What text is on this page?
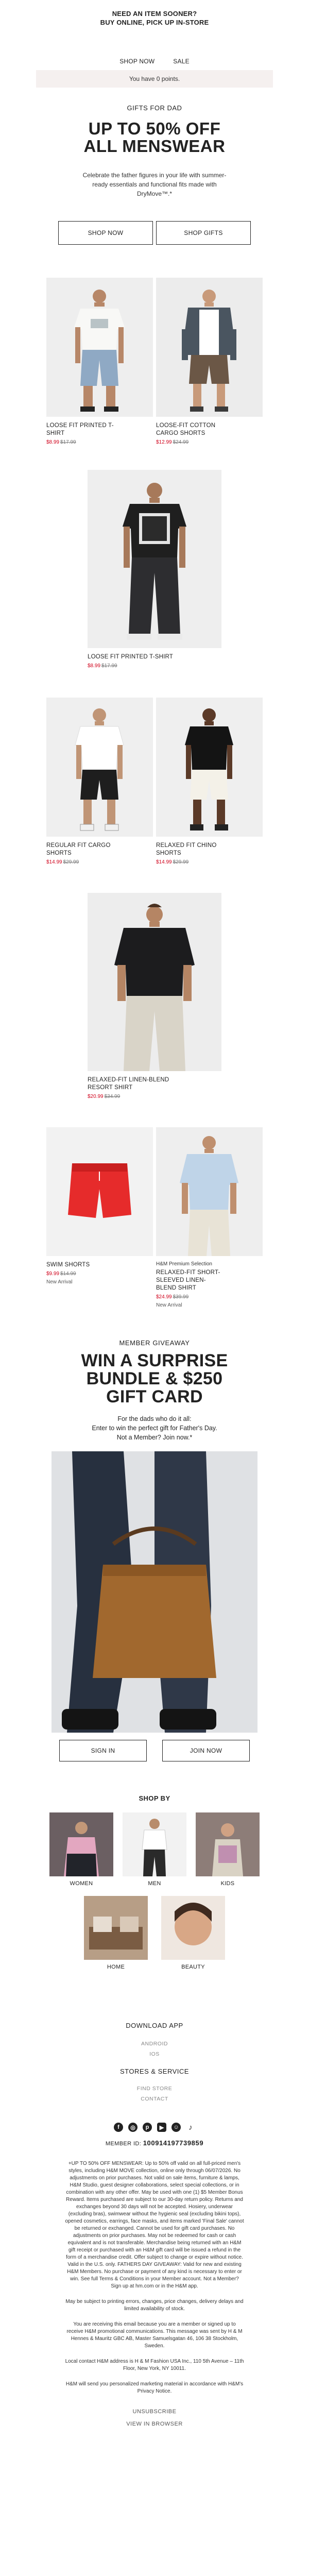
NEED AN ITEM SOONER?
BUY ONLINE, PICK UP IN-STORE
SHOP NOW	SALE
You have 0 points.
GIFTS FOR DAD
UP TO 50% OFF
ALL MENSWEAR
Celebrate the father figures in your life with summer-ready essentials and functional fits made with DryMove™.*
SHOP NOW	SHOP GIFTS
LOOSE FIT PRINTED T-
SHIRT
$8.99 $17.99
LOOSE-FIT COTTON
CARGO SHORTS
$12.99 $24.99
LOOSE FIT PRINTED T-SHIRT
$8.99 $17.99
REGULAR FIT CARGO
SHORTS
$14.99 $29.99
RELAXED FIT CHINO
SHORTS
$14.99 $29.99
RELAXED-FIT LINEN-BLEND
RESORT SHIRT
$20.99 $34.99
SWIM SHORTS
$9.99 $14.99
New Arrival
H&M Premium Selection
RELAXED-FIT SHORT-
SLEEVED LINEN-
BLEND SHIRT
$24.99 $39.99
New Arrival
MEMBER GIVEAWAY
WIN A SURPRISE
BUNDLE & $250
GIFT CARD
For the dads who do it all:
Enter to win the perfect gift for Father's Day.
Not a Member? Join now.*
SIGN IN	JOIN NOW
SHOP BY
WOMEN	MEN	KIDS
HOME	BEAUTY
DOWNLOAD APP
ANDROID
IOS
STORES & SERVICE
FIND STORE
CONTACT
f	◎	p	▶	☺	♪
MEMBER ID: 100914197739859
+UP TO 50% OFF MENSWEAR: Up to 50% off valid on all full-priced men's styles, including H&M MOVE collection, online only through 06/07/2026. No adjustments on prior purchases. Not valid on sale items, furniture & lamps, H&M Studio, guest designer collaborations, select special collections, or in combination with any other offer. May be used with one (1) $5 Member Bonus Reward. Items purchased are subject to our 30-day return policy. Returns and exchanges beyond 30 days will not be accepted. Hosiery, underwear (excluding bras), swimwear without the hygienic seal (excluding bikini tops), opened cosmetics, earrings, face masks, and items marked 'Final Sale' cannot be returned or exchanged. Cannot be used for gift card purchases. No adjustments on prior purchases. May not be redeemed for cash or cash equivalent and is not transferable. Merchandise being returned with an H&M gift receipt or purchased with an H&M gift card will be issued a refund in the form of a merchandise credit. Offer subject to change or expire without notice. Valid in the U.S. only. FATHERS DAY GIVEAWAY: Valid for new and existing H&M Members. No purchase or payment of any kind is necessary to enter or win. See full Terms & Conditions in your Member account. Not a Member? Sign up at hm.com or in the H&M app.
May be subject to printing errors, changes, price changes, delivery delays and limited availability of stock.
You are receiving this email because you are a member or signed up to receive H&M promotional communications. This message was sent by H & M Hennes & Mauritz GBC AB, Master Samuelsgatan 46, 106 38 Stockholm, Sweden.
Local contact H&M address is H & M Fashion USA Inc., 110 5th Avenue – 11th Floor, New York, NY 10011.
H&M will send you personalized marketing material in accordance with H&M's Privacy Notice.
UNSUBSCRIBE
VIEW IN BROWSER
